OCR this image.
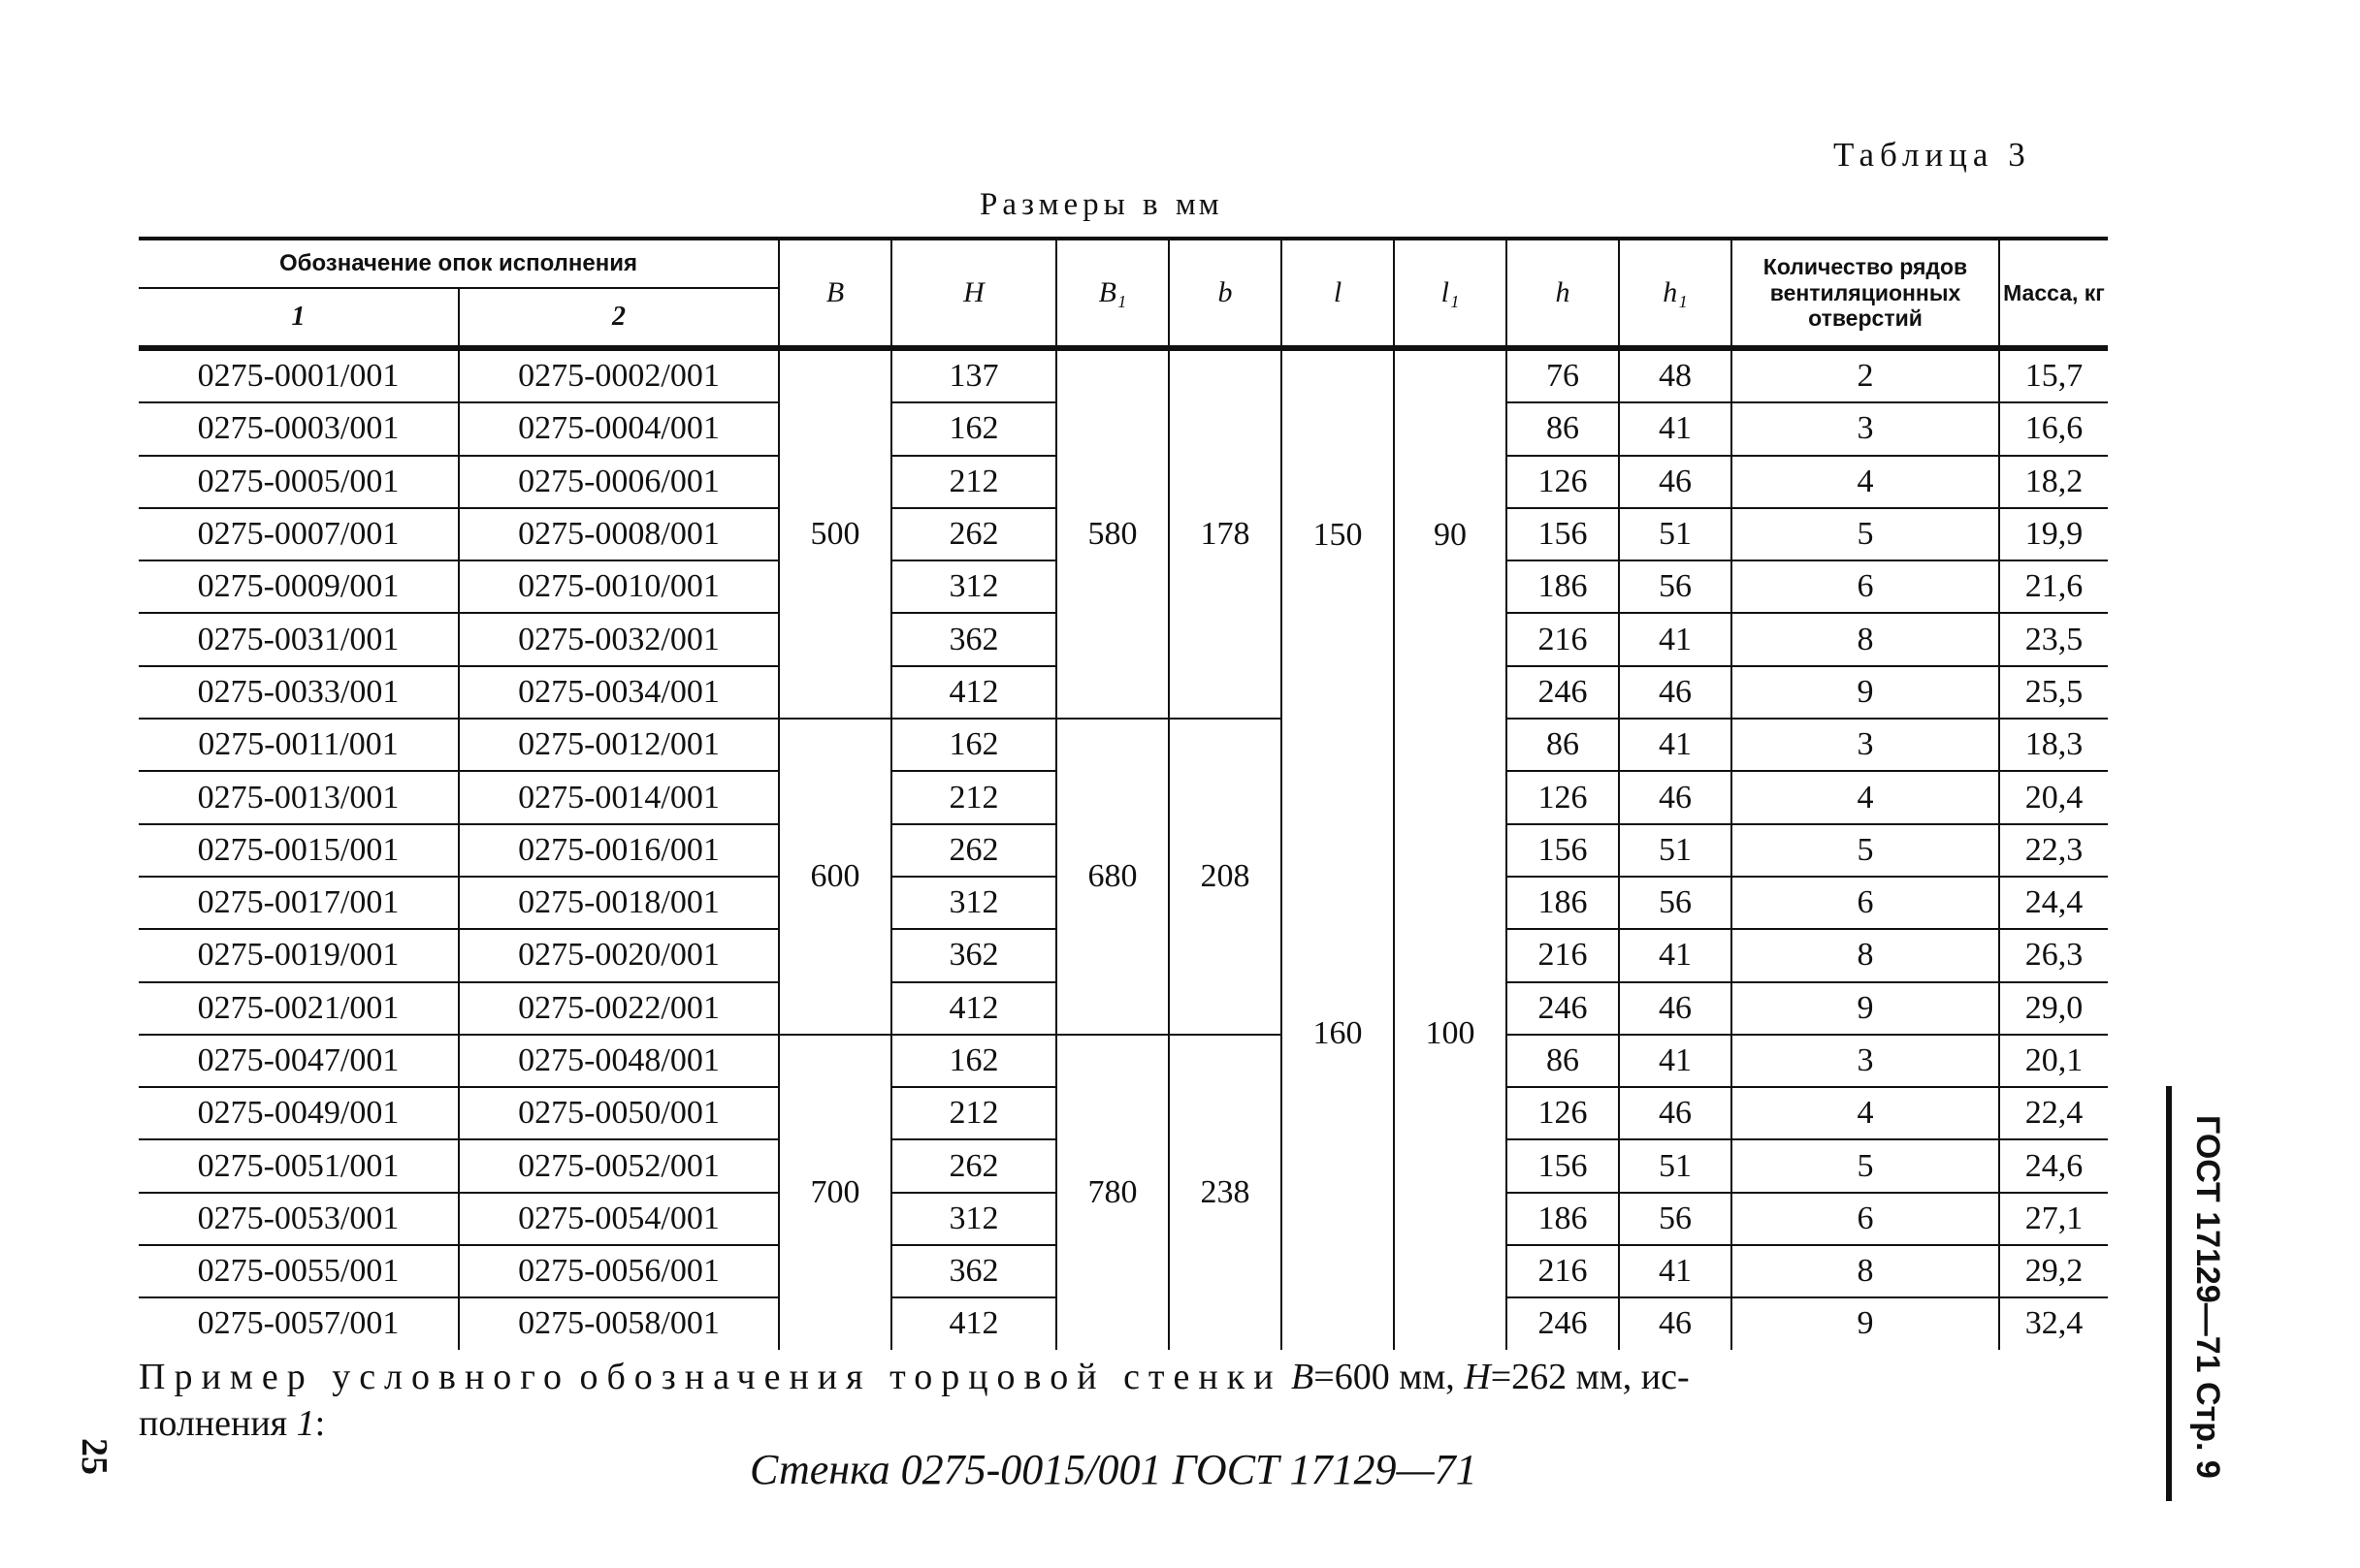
Таблица 3
Размеры в мм
Обозначение опок исполнения		B	H	B₁	b	l	l₁	h	h₁	Количество рядов вентиляционных отверстий	Масса, кг
1	2										
0275-0001/001	0275-0002/001	500	137	580	178	150	90	76	48	2	15,7
0275-0003/001	0275-0004/001		162					86	41	3	16,6
0275-0005/001	0275-0006/001		212					126	46	4	18,2
0275-0007/001	0275-0008/001		262					156	51	5	19,9
0275-0009/001	0275-0010/001		312					186	56	6	21,6
0275-0031/001	0275-0032/001		362					216	41	8	23,5
0275-0033/001	0275-0034/001		412					246	46	9	25,5
0275-0011/001	0275-0012/001	600	162	680	208	160	100	86	41	3	18,3
0275-0013/001	0275-0014/001		212					126	46	4	20,4
0275-0015/001	0275-0016/001		262					156	51	5	22,3
0275-0017/001	0275-0018/001		312					186	56	6	24,4
0275-0019/001	0275-0020/001		362					216	41	8	26,3
0275-0021/001	0275-0022/001		412					246	46	9	29,0
0275-0047/001	0275-0048/001	700	162	780	238			86	41	3	20,1
0275-0049/001	0275-0050/001		212					126	46	4	22,4
0275-0051/001	0275-0052/001		262					156	51	5	24,6
0275-0053/001	0275-0054/001		312					186	56	6	27,1
0275-0055/001	0275-0056/001		362					216	41	8	29,2
0275-0057/001	0275-0058/001		412					246	46	9	32,4
Пример условного обозначения торцовой стенки B=600 мм, H=262 мм, ис-
полнения 1:
Стенка 0275-0015/001 ГОСТ 17129—71
25	ГОСТ 17129—71 Стр. 9
